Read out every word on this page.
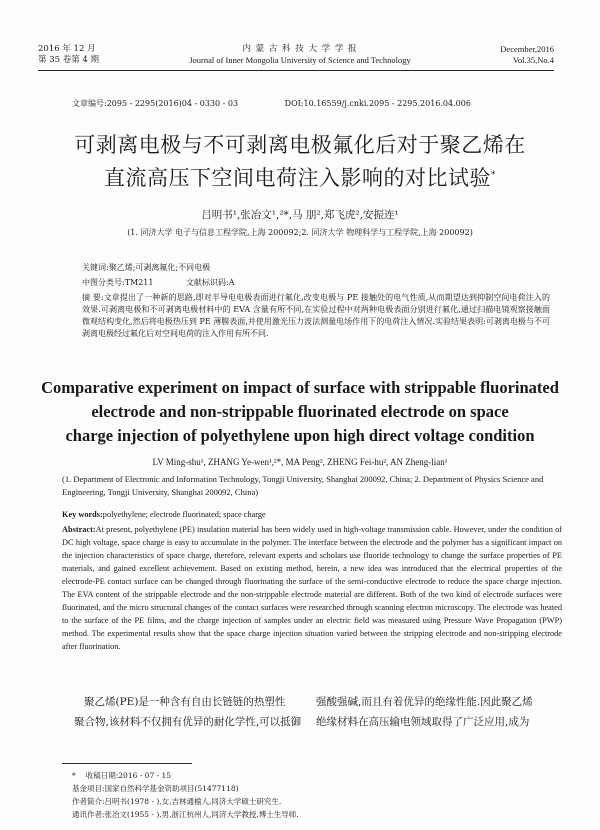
2016 年 12 月
第 35 卷第 4 期
内 蒙 古 科 技 大 学 学 报
Journal of Inner Mongolia University of Science and Technology
December,2016
Vol.35,No.4
文章编号:2095 - 2295(2016)04 - 0330 - 03	DOI:10.16559/j.cnki.2095 - 2295.2016.04.006
可剥离电极与不可剥离电极氟化后对于聚乙烯在
直流高压下空间电荷注入影响的对比试验*
吕明书¹,张冶文¹,²*,马 朋²,郑飞虎²,安振连¹
(1. 同济大学 电子与信息工程学院,上海 200092;2. 同济大学 物理科学与工程学院,上海 200092)
关键词:聚乙烯;可剥离氟化;不同电极
中图分类号:TM211	文献标识码:A
摘 要:文章提出了一种新的思路,即对半导电电极表面进行氟化,改变电极与 PE 接触处的电气性质,从而期望达到抑制空间电荷注入的效果.可剥离电极和不可剥离电极材料中的 EVA 含量有所不同,在实验过程中对两种电极表面分别进行氟化,通过扫描电镜观察接触面微观结构变化,然后将电极热压到 PE 薄膜表面,并使用激光压力波法测量电场作用下的电荷注入情况.实验结果表明:可剥离电极与不可剥离电极经过氟化后对空间电荷的注入作用有所不同.
Comparative experiment on impact of surface with strippable fluorinated
electrode and non-strippable fluorinated electrode on space
charge injection of polyethylene upon high direct voltage condition
LV Ming-shu¹, ZHANG Ye-wen¹,²*, MA Peng², ZHENG Fei-hu², AN Zheng-lian¹
(1. Department of Electronic and Information Technology, Tongji University, Shanghai 200092, China; 2. Department of Physics Science and Engineering, Tongji University, Shanghai 200092, China)
Key words:polyethylene; electrode fluorinated; space charge
Abstract:At present, polyethylene (PE) insulation material has been widely used in high-voltage transmission cable. However, under the condition of DC high voltage, space charge is easy to accumulate in the polymer. The interface between the electrode and the polymer has a significant impact on the injection characteristics of space charge, therefore, relevant experts and scholars use fluoride technology to change the surface properties of PE materials, and gained excellent achievement. Based on existing method, herein, a new idea was introduced that the electrical properties of the electrode-PE contact surface can be changed through fluorinating the surface of the semi-conductive electrode to reduce the space charge injection. The EVA content of the strippable electrode and the non-strippable electrode material are different. Both of the two kind of electrode surfaces were fluorinated, and the micro structural changes of the contact surfaces were researched through scanning electron microscopy. The electrode was heated to the surface of the PE films, and the charge injection of samples under an electric field was measured using Pressure Wave Propagation (PWP) method. The experimental results show that the space charge injection situation varied between the stripping electrode and non-stripping electrode after fluorination.
聚乙烯(PE)是一种含有自由长链链的热塑性
聚合物,该材料不仅拥有优异的耐化学性,可以抵御
强酸强碱,而且有着优异的绝缘性能.因此聚乙烯
绝缘材料在高压输电领域取得了广泛应用,成为
* 收稿日期:2016 - 07 - 15
基金项目:国家自然科学基金资助项目(51477118)
作者简介:吕明书(1978 - ),女,吉林通榆人,同济大学硕士研究生.
通讯作者:张冶文(1955 - ),男,浙江杭州人,同济大学教授,博士生导师.
